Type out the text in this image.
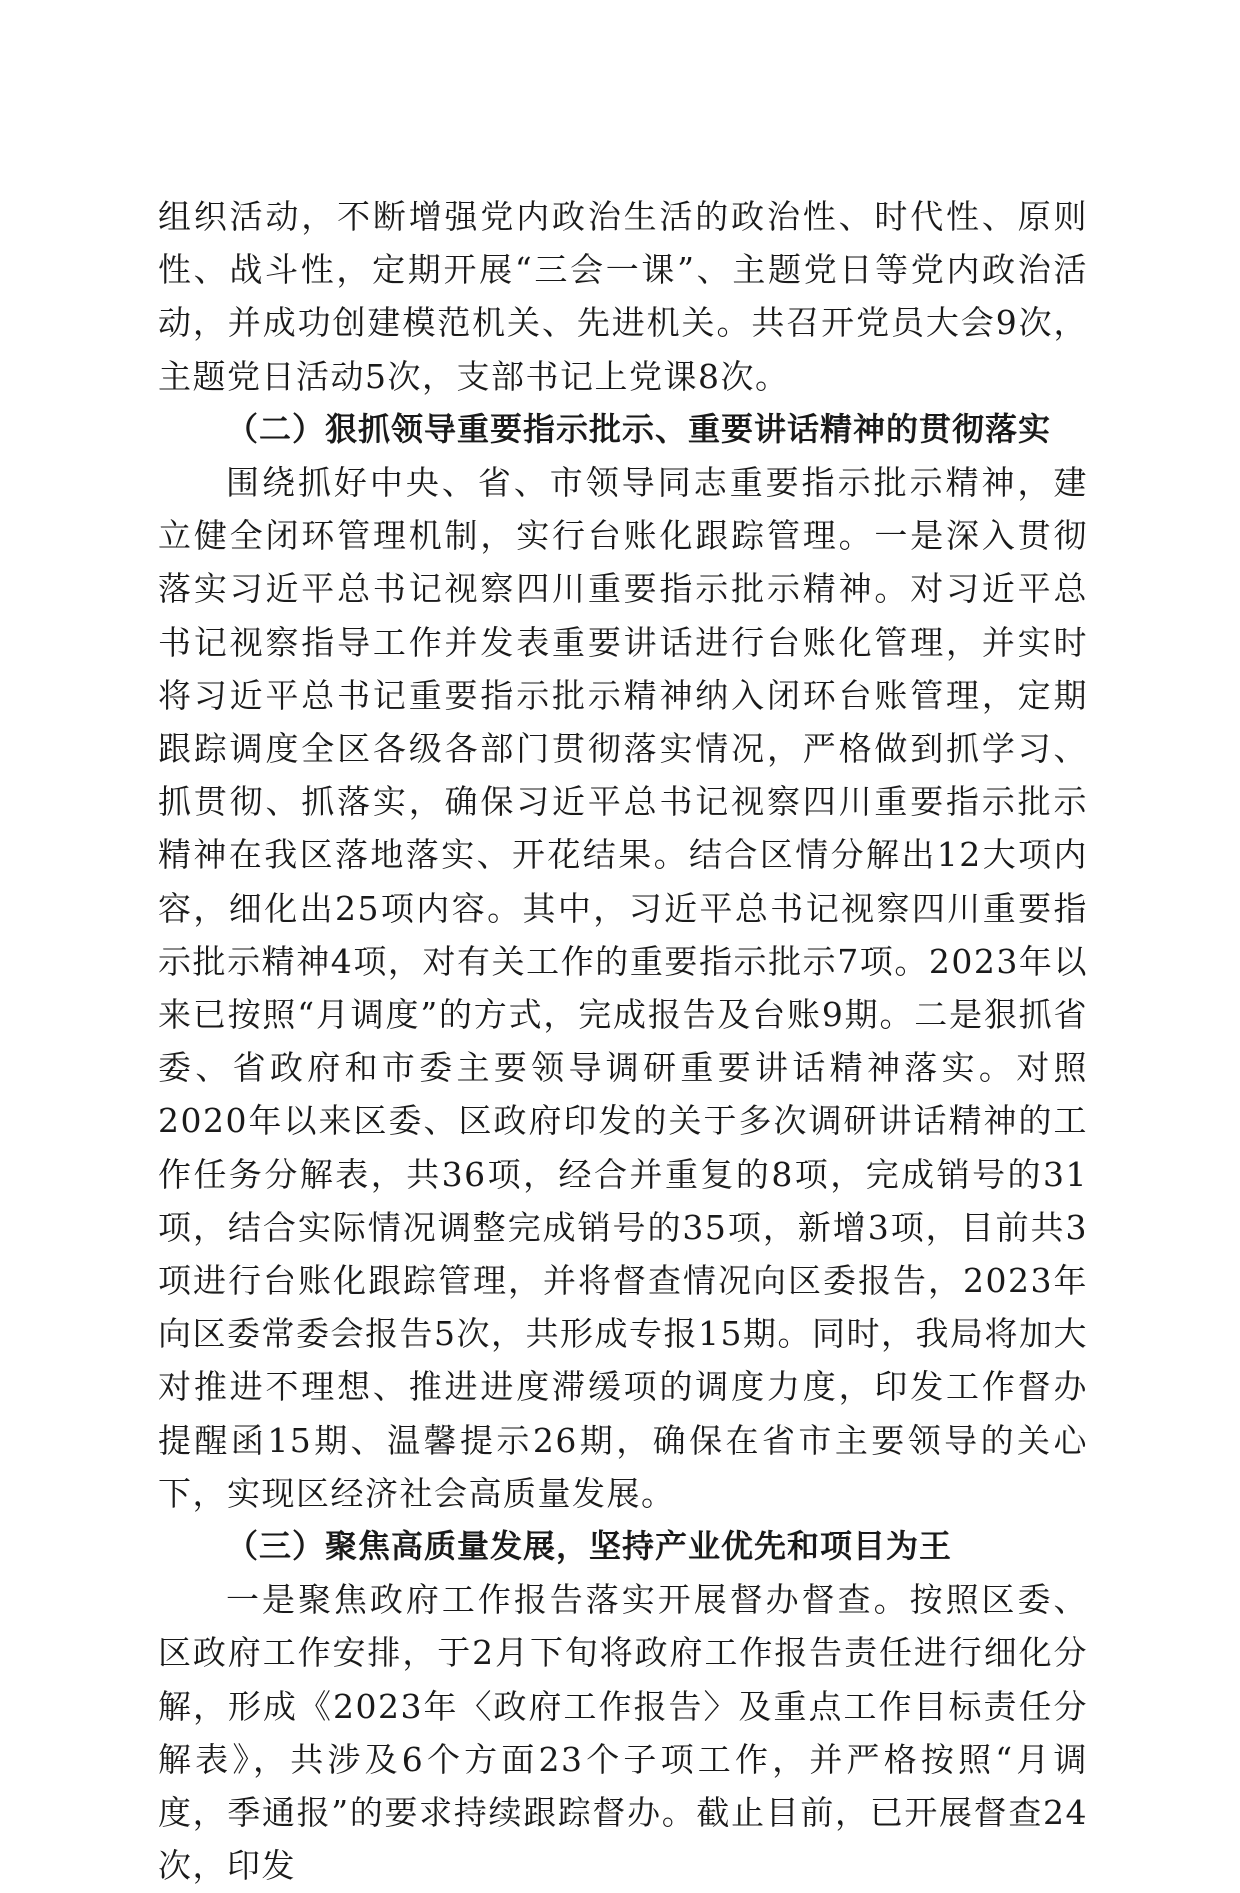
组织活动，不断增强党内政治生活的政治性、时代性、原则性、战斗性，定期开展“三会一课”、主题党日等党内政治活动，并成功创建模范机关、先进机关。共召开党员大会9次，主题党日活动5次，支部书记上党课8次。

（二）狠抓领导重要指示批示、重要讲话精神的贯彻落实

围绕抓好中央、省、市领导同志重要指示批示精神，建立健全闭环管理机制，实行台账化跟踪管理。一是深入贯彻落实习近平总书记视察四川重要指示批示精神。对习近平总书记视察指导工作并发表重要讲话进行台账化管理，并实时将习近平总书记重要指示批示精神纳入闭环台账管理，定期跟踪调度全区各级各部门贯彻落实情况，严格做到抓学习、抓贯彻、抓落实，确保习近平总书记视察四川重要指示批示精神在我区落地落实、开花结果。结合区情分解出12大项内容，细化出25项内容。其中，习近平总书记视察四川重要指示批示精神4项，对有关工作的重要指示批示7项。2023年以来已按照“月调度”的方式，完成报告及台账9期。二是狠抓省委、省政府和市委主要领导调研重要讲话精神落实。对照2020年以来区委、区政府印发的关于多次调研讲话精神的工作任务分解表，共36项，经合并重复的8项，完成销号的31项，结合实际情况调整完成销号的35项，新增3项，目前共3项进行台账化跟踪管理，并将督查情况向区委报告，2023年向区委常委会报告5次，共形成专报15期。同时，我局将加大对推进不理想、推进进度滞缓项的调度力度，印发工作督办提醒函15期、温馨提示26期，确保在省市主要领导的关心下，实现区经济社会高质量发展。

（三）聚焦高质量发展，坚持产业优先和项目为王

一是聚焦政府工作报告落实开展督办督查。按照区委、区政府工作安排，于2月下旬将政府工作报告责任进行细化分解，形成《2023年〈政府工作报告〉及重点工作目标责任分解表》，共涉及6个方面23个子项工作，并严格按照“月调度，季通报”的要求持续跟踪督办。截止目前，已开展督查24次，印发
